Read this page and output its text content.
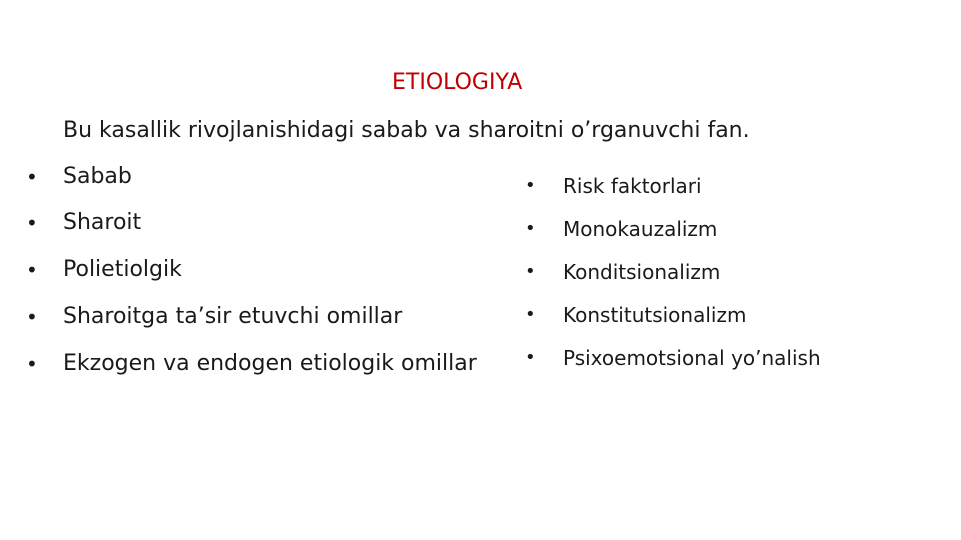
ETIOLOGIYA
Bu kasallik rivojlanishidagi sabab va sharoitni o’rganuvchi fan.
• Sabab
• Sharoit
• Polietiolgik
• Sharoitga ta’sir etuvchi omillar
• Ekzogen va endogen etiologik omillar
• Risk faktorlari
• Monokauzalizm
• Konditsionalizm
• Konstitutsionalizm
• Psixoemotsional yo’nalish
